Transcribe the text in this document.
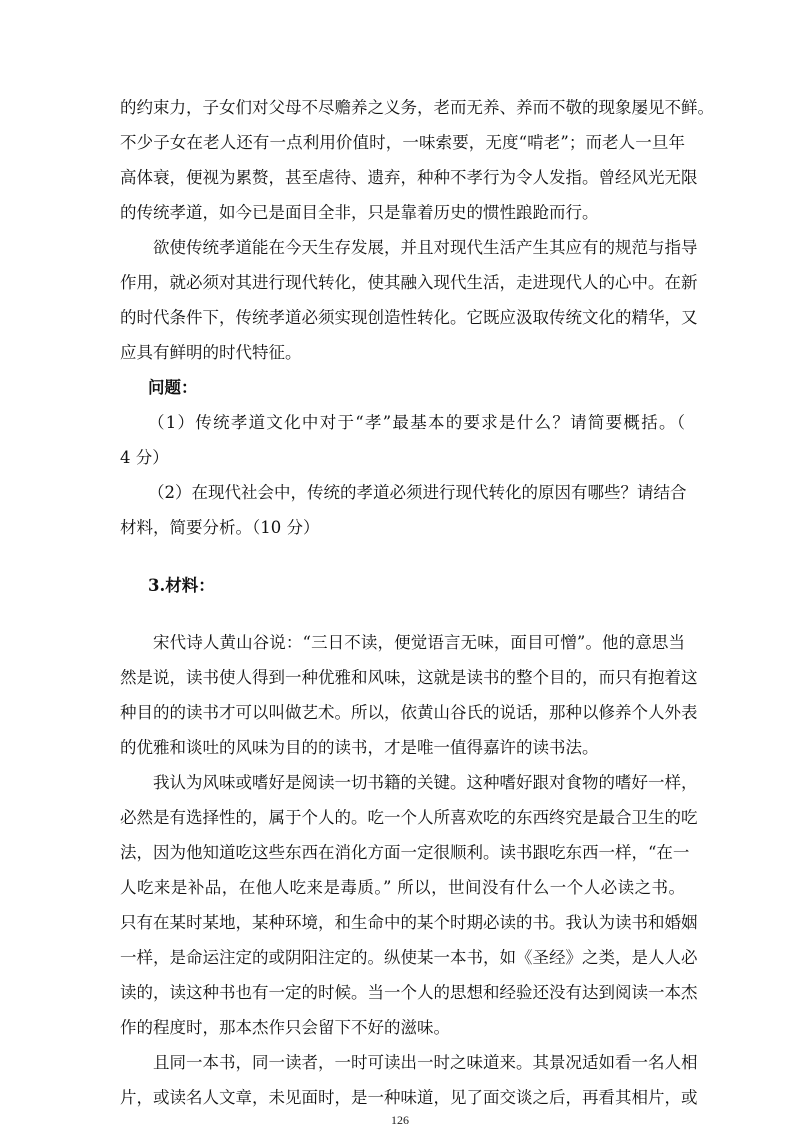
的约束力，子女们对父母不尽赡养之义务，老而无养、养而不敬的现象屡见不鲜。
不少子女在老人还有一点利用价值时，一味索要，无度“啃老”；而老人一旦年
高体衰，便视为累赘，甚至虐待、遗弃，种种不孝行为令人发指。曾经风光无限
的传统孝道，如今已是面目全非，只是靠着历史的惯性踉跄而行。
欲使传统孝道能在今天生存发展，并且对现代生活产生其应有的规范与指导
作用，就必须对其进行现代转化，使其融入现代生活，走进现代人的心中。在新
的时代条件下，传统孝道必须实现创造性转化。它既应汲取传统文化的精华，又
应具有鲜明的时代特征。
问题：
（1）传统孝道文化中对于“孝”最基本的要求是什么？请简要概括。（
4 分）
（2）在现代社会中，传统的孝道必须进行现代转化的原因有哪些？请结合
材料，简要分析。（10 分）
3.材料：
宋代诗人黄山谷说：“三日不读，便觉语言无味，面目可憎”。他的意思当
然是说，读书使人得到一种优雅和风味，这就是读书的整个目的，而只有抱着这
种目的的读书才可以叫做艺术。所以，依黄山谷氏的说话，那种以修养个人外表
的优雅和谈吐的风味为目的的读书，才是唯一值得嘉许的读书法。
我认为风味或嗜好是阅读一切书籍的关键。这种嗜好跟对食物的嗜好一样，
必然是有选择性的，属于个人的。吃一个人所喜欢吃的东西终究是最合卫生的吃
法，因为他知道吃这些东西在消化方面一定很顺利。读书跟吃东西一样，“在一
人吃来是补品，在他人吃来是毒质。” 所以，世间没有什么一个人必读之书。
只有在某时某地，某种环境，和生命中的某个时期必读的书。我认为读书和婚姻
一样，是命运注定的或阴阳注定的。纵使某一本书，如《圣经》之类，是人人必
读的，读这种书也有一定的时候。当一个人的思想和经验还没有达到阅读一本杰
作的程度时，那本杰作只会留下不好的滋味。
且同一本书，同一读者，一时可读出一时之味道来。其景况适如看一名人相
片，或读名人文章，未见面时，是一种味道，见了面交谈之后，再看其相片，或
126
